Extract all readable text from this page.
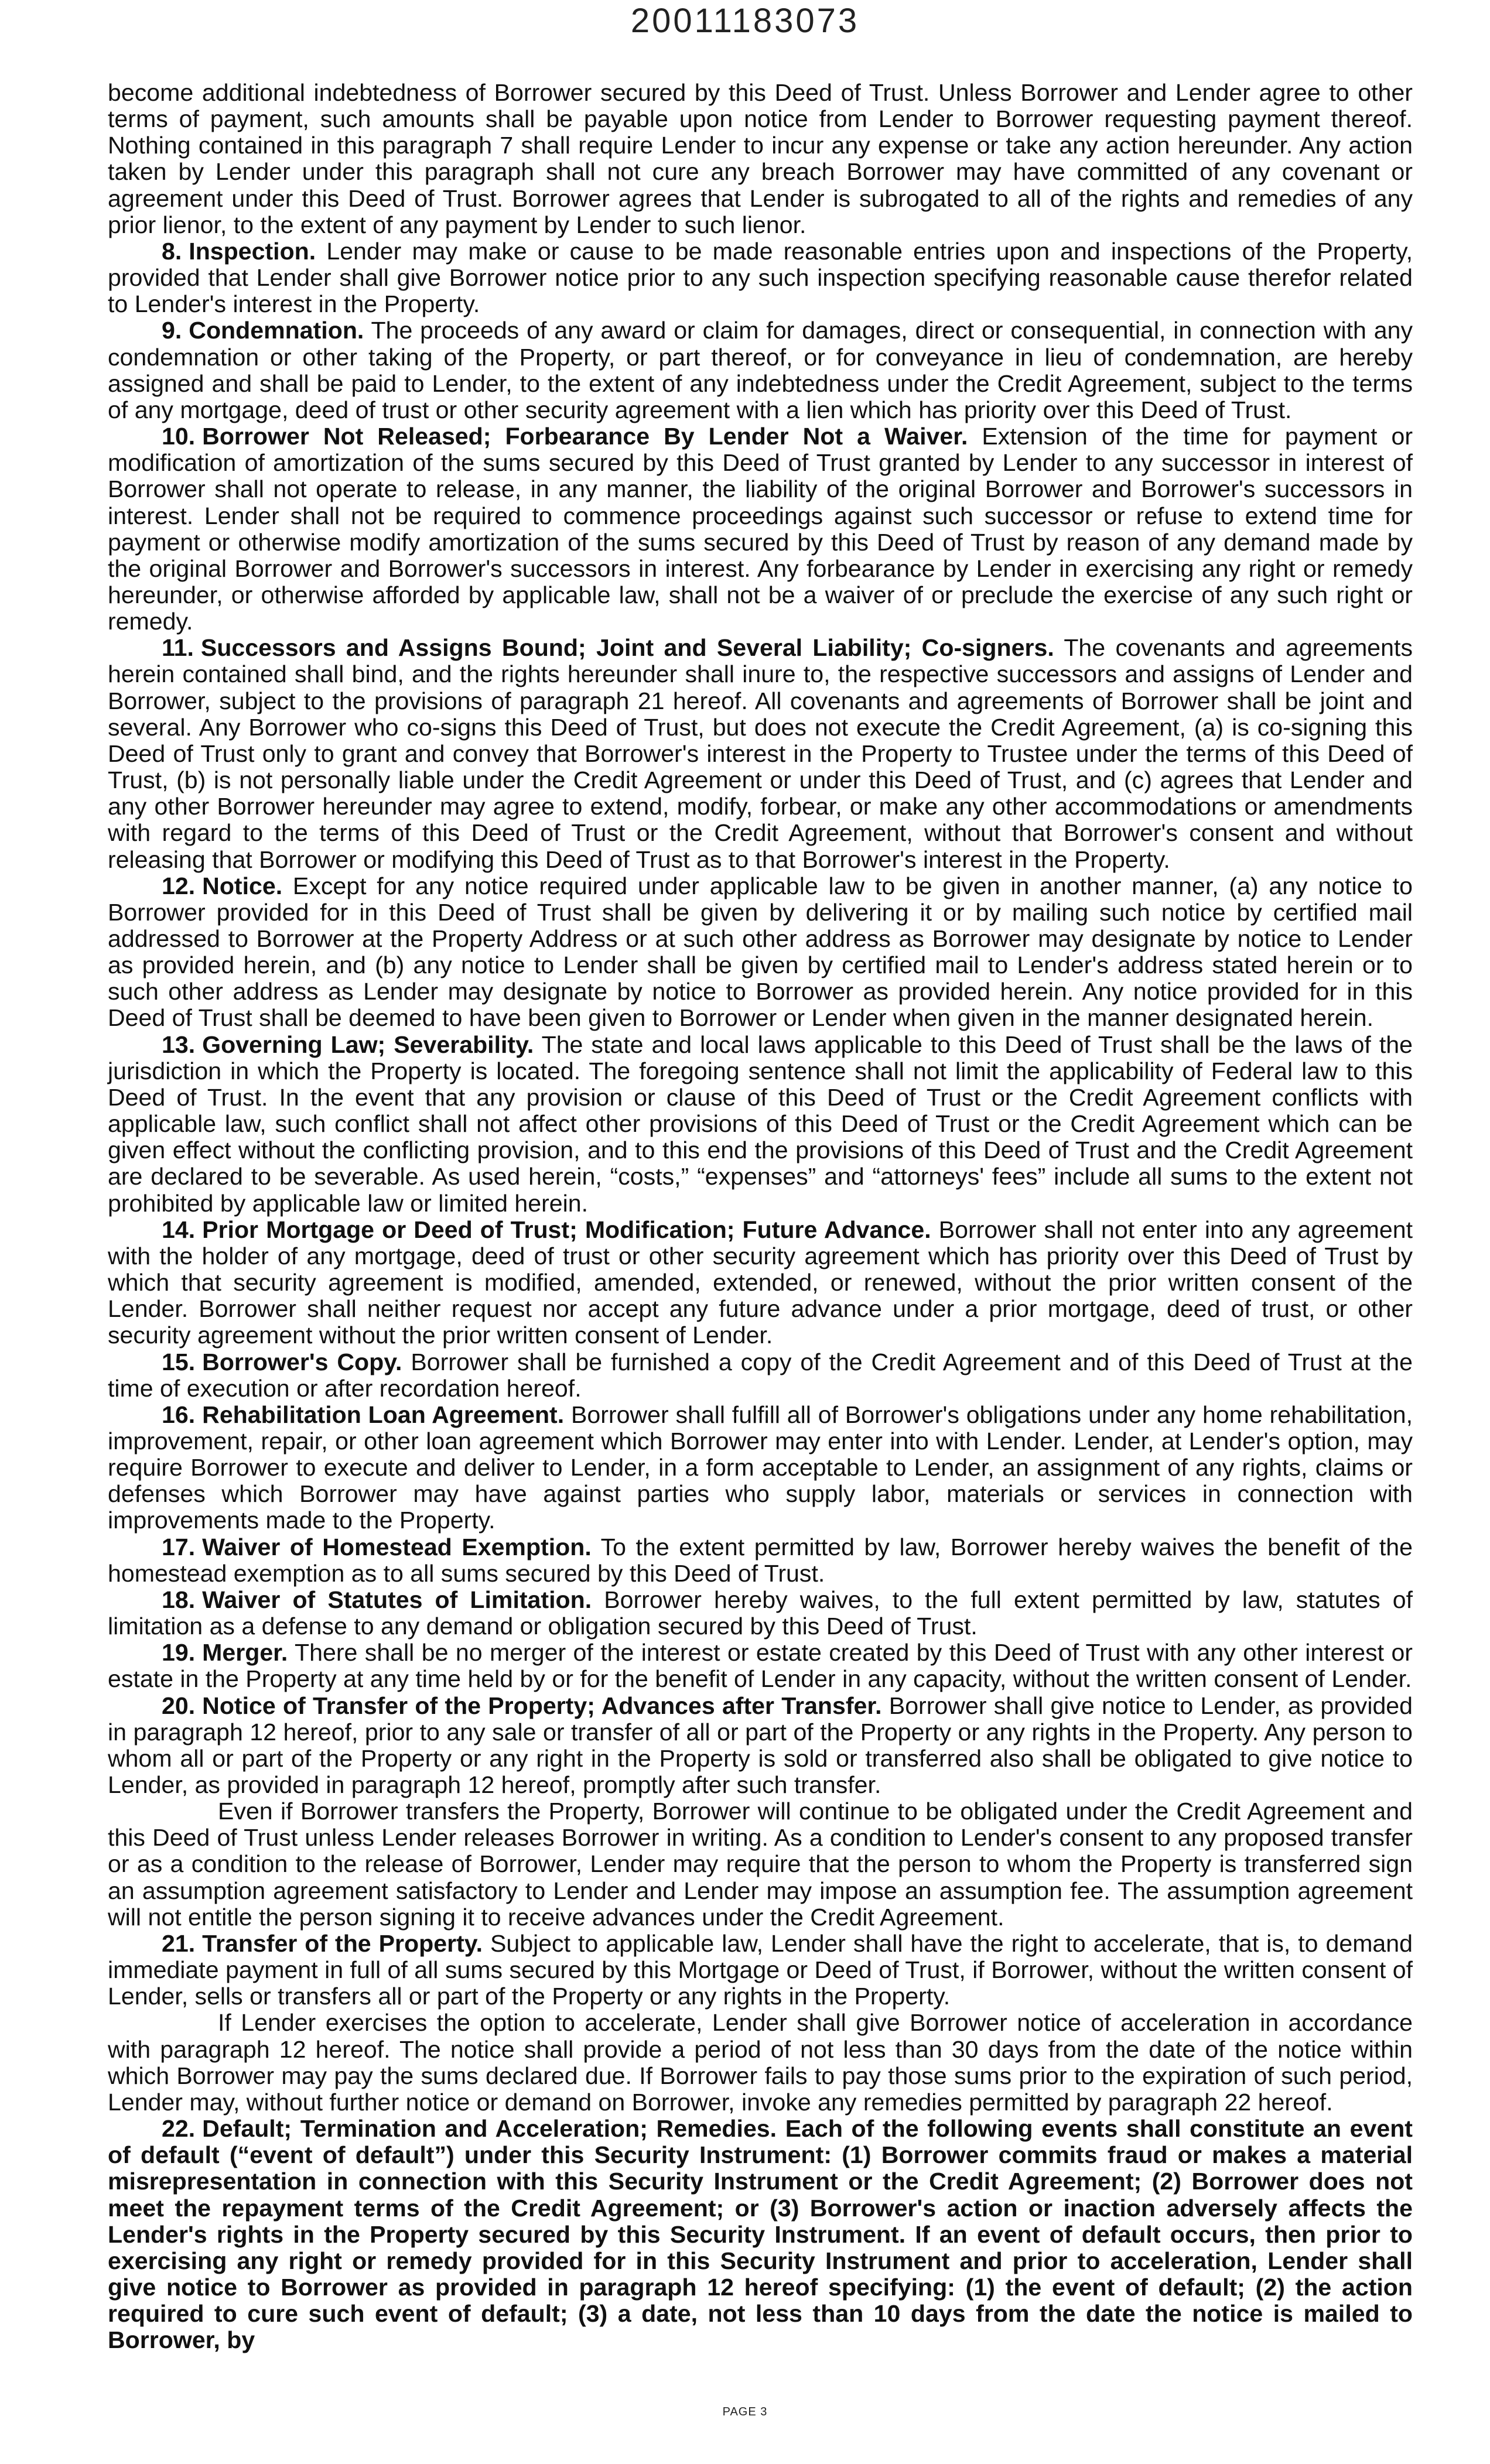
20011183073

become additional indebtedness of Borrower secured by this Deed of Trust. Unless Borrower and Lender agree to other terms of payment, such amounts shall be payable upon notice from Lender to Borrower requesting payment thereof. Nothing contained in this paragraph 7 shall require Lender to incur any expense or take any action hereunder. Any action taken by Lender under this paragraph shall not cure any breach Borrower may have committed of any covenant or agreement under this Deed of Trust. Borrower agrees that Lender is subrogated to all of the rights and remedies of any prior lienor, to the extent of any payment by Lender to such lienor.

8. Inspection. Lender may make or cause to be made reasonable entries upon and inspections of the Property, provided that Lender shall give Borrower notice prior to any such inspection specifying reasonable cause therefor related to Lender's interest in the Property.

9. Condemnation. The proceeds of any award or claim for damages, direct or consequential, in connection with any condemnation or other taking of the Property, or part thereof, or for conveyance in lieu of condemnation, are hereby assigned and shall be paid to Lender, to the extent of any indebtedness under the Credit Agreement, subject to the terms of any mortgage, deed of trust or other security agreement with a lien which has priority over this Deed of Trust.

10. Borrower Not Released; Forbearance By Lender Not a Waiver. Extension of the time for payment or modification of amortization of the sums secured by this Deed of Trust granted by Lender to any successor in interest of Borrower shall not operate to release, in any manner, the liability of the original Borrower and Borrower's successors in interest. Lender shall not be required to commence proceedings against such successor or refuse to extend time for payment or otherwise modify amortization of the sums secured by this Deed of Trust by reason of any demand made by the original Borrower and Borrower's successors in interest. Any forbearance by Lender in exercising any right or remedy hereunder, or otherwise afforded by applicable law, shall not be a waiver of or preclude the exercise of any such right or remedy.

11. Successors and Assigns Bound; Joint and Several Liability; Co-signers. The covenants and agreements herein contained shall bind, and the rights hereunder shall inure to, the respective successors and assigns of Lender and Borrower, subject to the provisions of paragraph 21 hereof. All covenants and agreements of Borrower shall be joint and several. Any Borrower who co-signs this Deed of Trust, but does not execute the Credit Agreement, (a) is co-signing this Deed of Trust only to grant and convey that Borrower's interest in the Property to Trustee under the terms of this Deed of Trust, (b) is not personally liable under the Credit Agreement or under this Deed of Trust, and (c) agrees that Lender and any other Borrower hereunder may agree to extend, modify, forbear, or make any other accommodations or amendments with regard to the terms of this Deed of Trust or the Credit Agreement, without that Borrower's consent and without releasing that Borrower or modifying this Deed of Trust as to that Borrower's interest in the Property.

12. Notice. Except for any notice required under applicable law to be given in another manner, (a) any notice to Borrower provided for in this Deed of Trust shall be given by delivering it or by mailing such notice by certified mail addressed to Borrower at the Property Address or at such other address as Borrower may designate by notice to Lender as provided herein, and (b) any notice to Lender shall be given by certified mail to Lender's address stated herein or to such other address as Lender may designate by notice to Borrower as provided herein. Any notice provided for in this Deed of Trust shall be deemed to have been given to Borrower or Lender when given in the manner designated herein.

13. Governing Law; Severability. The state and local laws applicable to this Deed of Trust shall be the laws of the jurisdiction in which the Property is located. The foregoing sentence shall not limit the applicability of Federal law to this Deed of Trust. In the event that any provision or clause of this Deed of Trust or the Credit Agreement conflicts with applicable law, such conflict shall not affect other provisions of this Deed of Trust or the Credit Agreement which can be given effect without the conflicting provision, and to this end the provisions of this Deed of Trust and the Credit Agreement are declared to be severable. As used herein, “costs,” “expenses” and “attorneys' fees” include all sums to the extent not prohibited by applicable law or limited herein.

14. Prior Mortgage or Deed of Trust; Modification; Future Advance. Borrower shall not enter into any agreement with the holder of any mortgage, deed of trust or other security agreement which has priority over this Deed of Trust by which that security agreement is modified, amended, extended, or renewed, without the prior written consent of the Lender. Borrower shall neither request nor accept any future advance under a prior mortgage, deed of trust, or other security agreement without the prior written consent of Lender.

15. Borrower's Copy. Borrower shall be furnished a copy of the Credit Agreement and of this Deed of Trust at the time of execution or after recordation hereof.

16. Rehabilitation Loan Agreement. Borrower shall fulfill all of Borrower's obligations under any home rehabilitation, improvement, repair, or other loan agreement which Borrower may enter into with Lender. Lender, at Lender's option, may require Borrower to execute and deliver to Lender, in a form acceptable to Lender, an assignment of any rights, claims or defenses which Borrower may have against parties who supply labor, materials or services in connection with improvements made to the Property.

17. Waiver of Homestead Exemption. To the extent permitted by law, Borrower hereby waives the benefit of the homestead exemption as to all sums secured by this Deed of Trust.

18. Waiver of Statutes of Limitation. Borrower hereby waives, to the full extent permitted by law, statutes of limitation as a defense to any demand or obligation secured by this Deed of Trust.

19. Merger. There shall be no merger of the interest or estate created by this Deed of Trust with any other interest or estate in the Property at any time held by or for the benefit of Lender in any capacity, without the written consent of Lender.

20. Notice of Transfer of the Property; Advances after Transfer. Borrower shall give notice to Lender, as provided in paragraph 12 hereof, prior to any sale or transfer of all or part of the Property or any rights in the Property. Any person to whom all or part of the Property or any right in the Property is sold or transferred also shall be obligated to give notice to Lender, as provided in paragraph 12 hereof, promptly after such transfer.

Even if Borrower transfers the Property, Borrower will continue to be obligated under the Credit Agreement and this Deed of Trust unless Lender releases Borrower in writing. As a condition to Lender's consent to any proposed transfer or as a condition to the release of Borrower, Lender may require that the person to whom the Property is transferred sign an assumption agreement satisfactory to Lender and Lender may impose an assumption fee. The assumption agreement will not entitle the person signing it to receive advances under the Credit Agreement.

21. Transfer of the Property. Subject to applicable law, Lender shall have the right to accelerate, that is, to demand immediate payment in full of all sums secured by this Mortgage or Deed of Trust, if Borrower, without the written consent of Lender, sells or transfers all or part of the Property or any rights in the Property.

If Lender exercises the option to accelerate, Lender shall give Borrower notice of acceleration in accordance with paragraph 12 hereof. The notice shall provide a period of not less than 30 days from the date of the notice within which Borrower may pay the sums declared due. If Borrower fails to pay those sums prior to the expiration of such period, Lender may, without further notice or demand on Borrower, invoke any remedies permitted by paragraph 22 hereof.

22. Default; Termination and Acceleration; Remedies. Each of the following events shall constitute an event of default (“event of default”) under this Security Instrument: (1) Borrower commits fraud or makes a material misrepresentation in connection with this Security Instrument or the Credit Agreement; (2) Borrower does not meet the repayment terms of the Credit Agreement; or (3) Borrower's action or inaction adversely affects the Lender's rights in the Property secured by this Security Instrument. If an event of default occurs, then prior to exercising any right or remedy provided for in this Security Instrument and prior to acceleration, Lender shall give notice to Borrower as provided in paragraph 12 hereof specifying: (1) the event of default; (2) the action required to cure such event of default; (3) a date, not less than 10 days from the date the notice is mailed to Borrower, by

PAGE 3
